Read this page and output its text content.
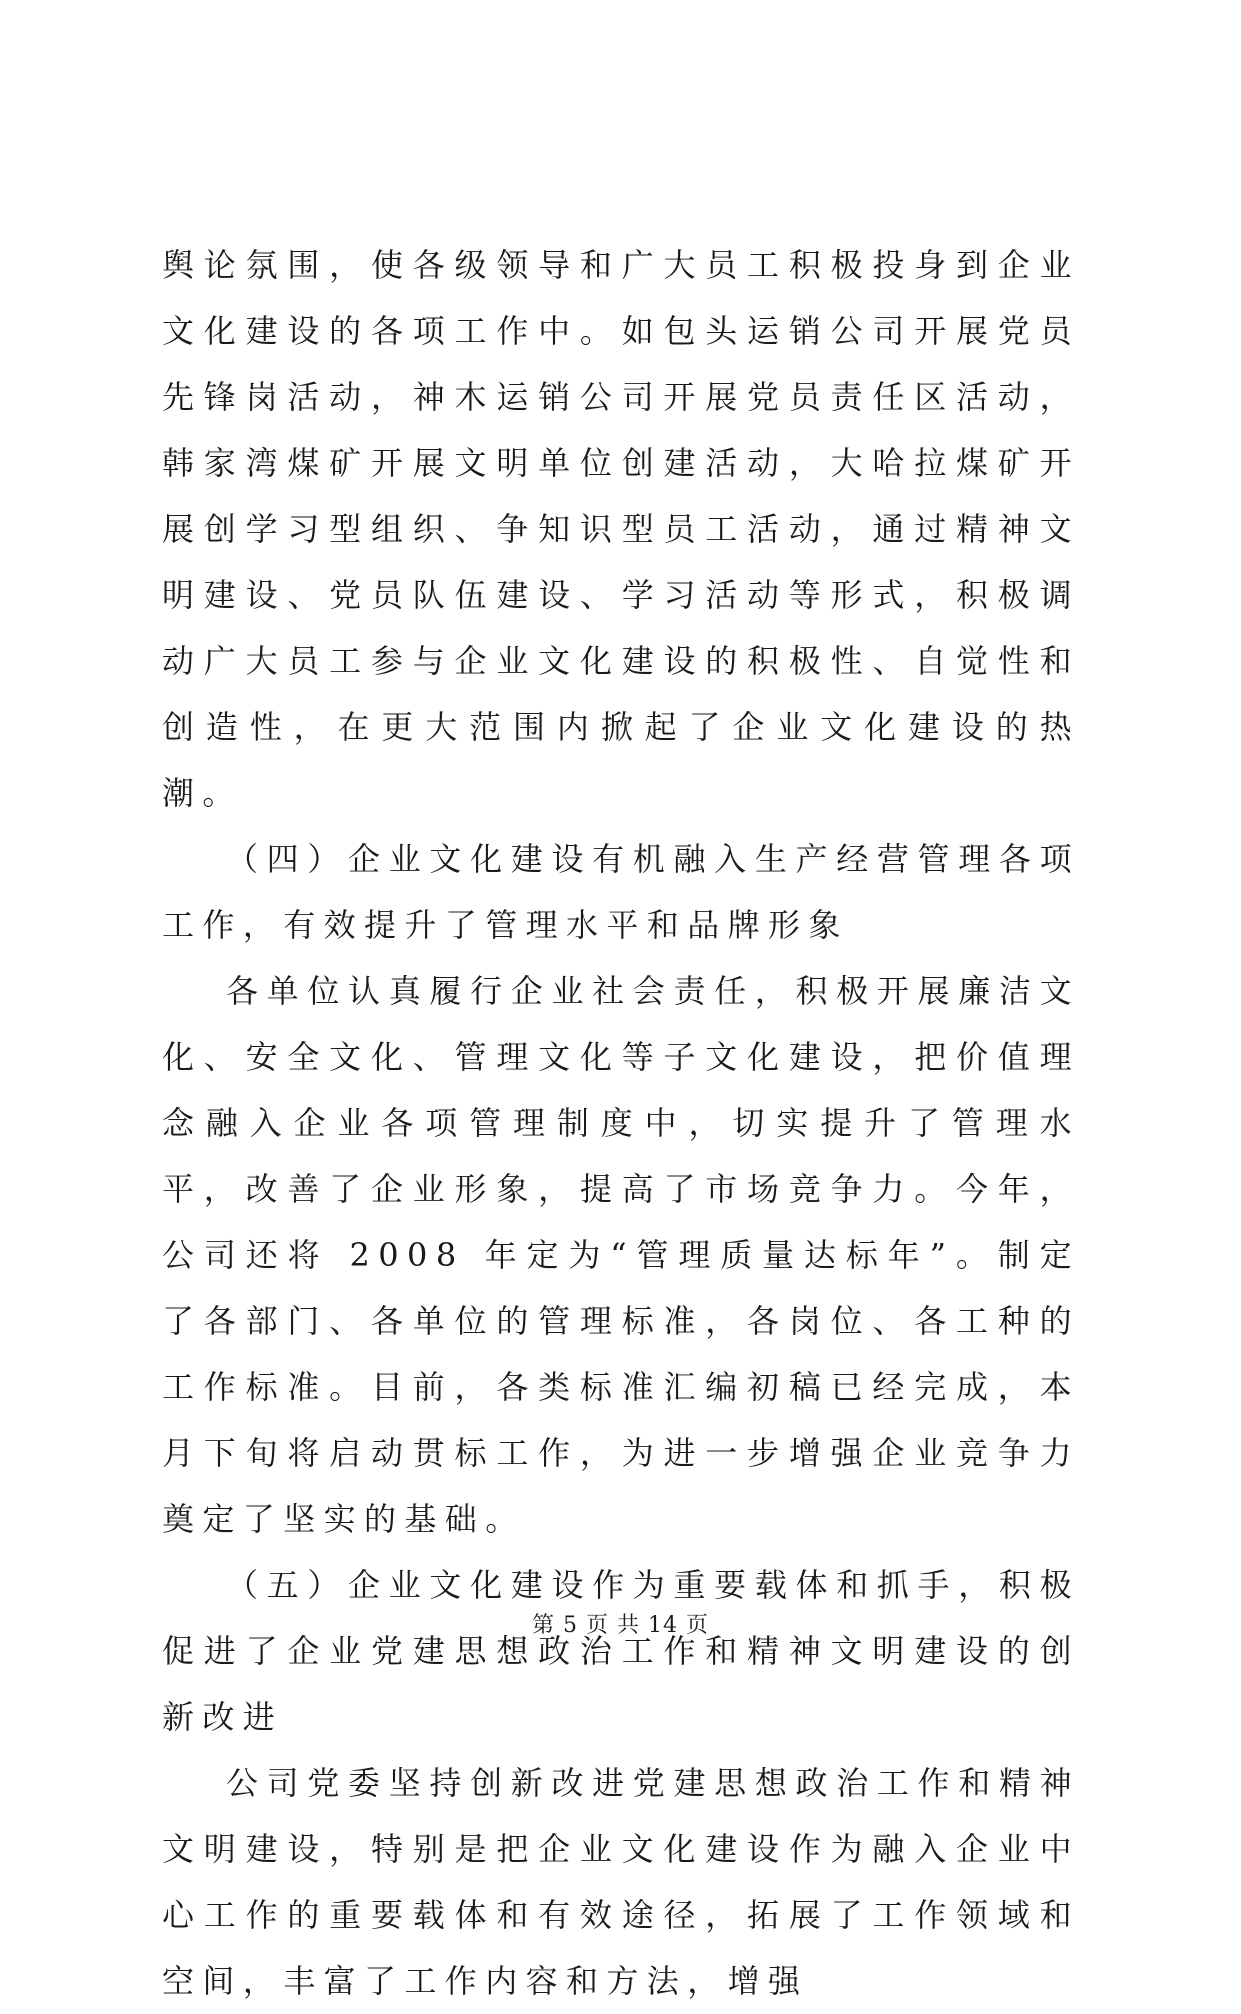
舆论氛围，使各级领导和广大员工积极投身到企业文化建设的各项工作中。如包头运销公司开展党员先锋岗活动，神木运销公司开展党员责任区活动，韩家湾煤矿开展文明单位创建活动，大哈拉煤矿开展创学习型组织、争知识型员工活动，通过精神文明建设、党员队伍建设、学习活动等形式，积极调动广大员工参与企业文化建设的积极性、自觉性和创造性，在更大范围内掀起了企业文化建设的热潮。

（四）企业文化建设有机融入生产经营管理各项工作，有效提升了管理水平和品牌形象

各单位认真履行企业社会责任，积极开展廉洁文化、安全文化、管理文化等子文化建设，把价值理念融入企业各项管理制度中，切实提升了管理水平，改善了企业形象，提高了市场竞争力。今年，公司还将 2008 年定为“管理质量达标年”。制定了各部门、各单位的管理标准，各岗位、各工种的工作标准。目前，各类标准汇编初稿已经完成，本月下旬将启动贯标工作，为进一步增强企业竞争力奠定了坚实的基础。

（五）企业文化建设作为重要载体和抓手，积极促进了企业党建思想政治工作和精神文明建设的创新改进

公司党委坚持创新改进党建思想政治工作和精神文明建设，特别是把企业文化建设作为融入企业中心工作的重要载体和有效途径，拓展了工作领域和空间，丰富了工作内容和方法，增强

第 5 页 共 14 页
